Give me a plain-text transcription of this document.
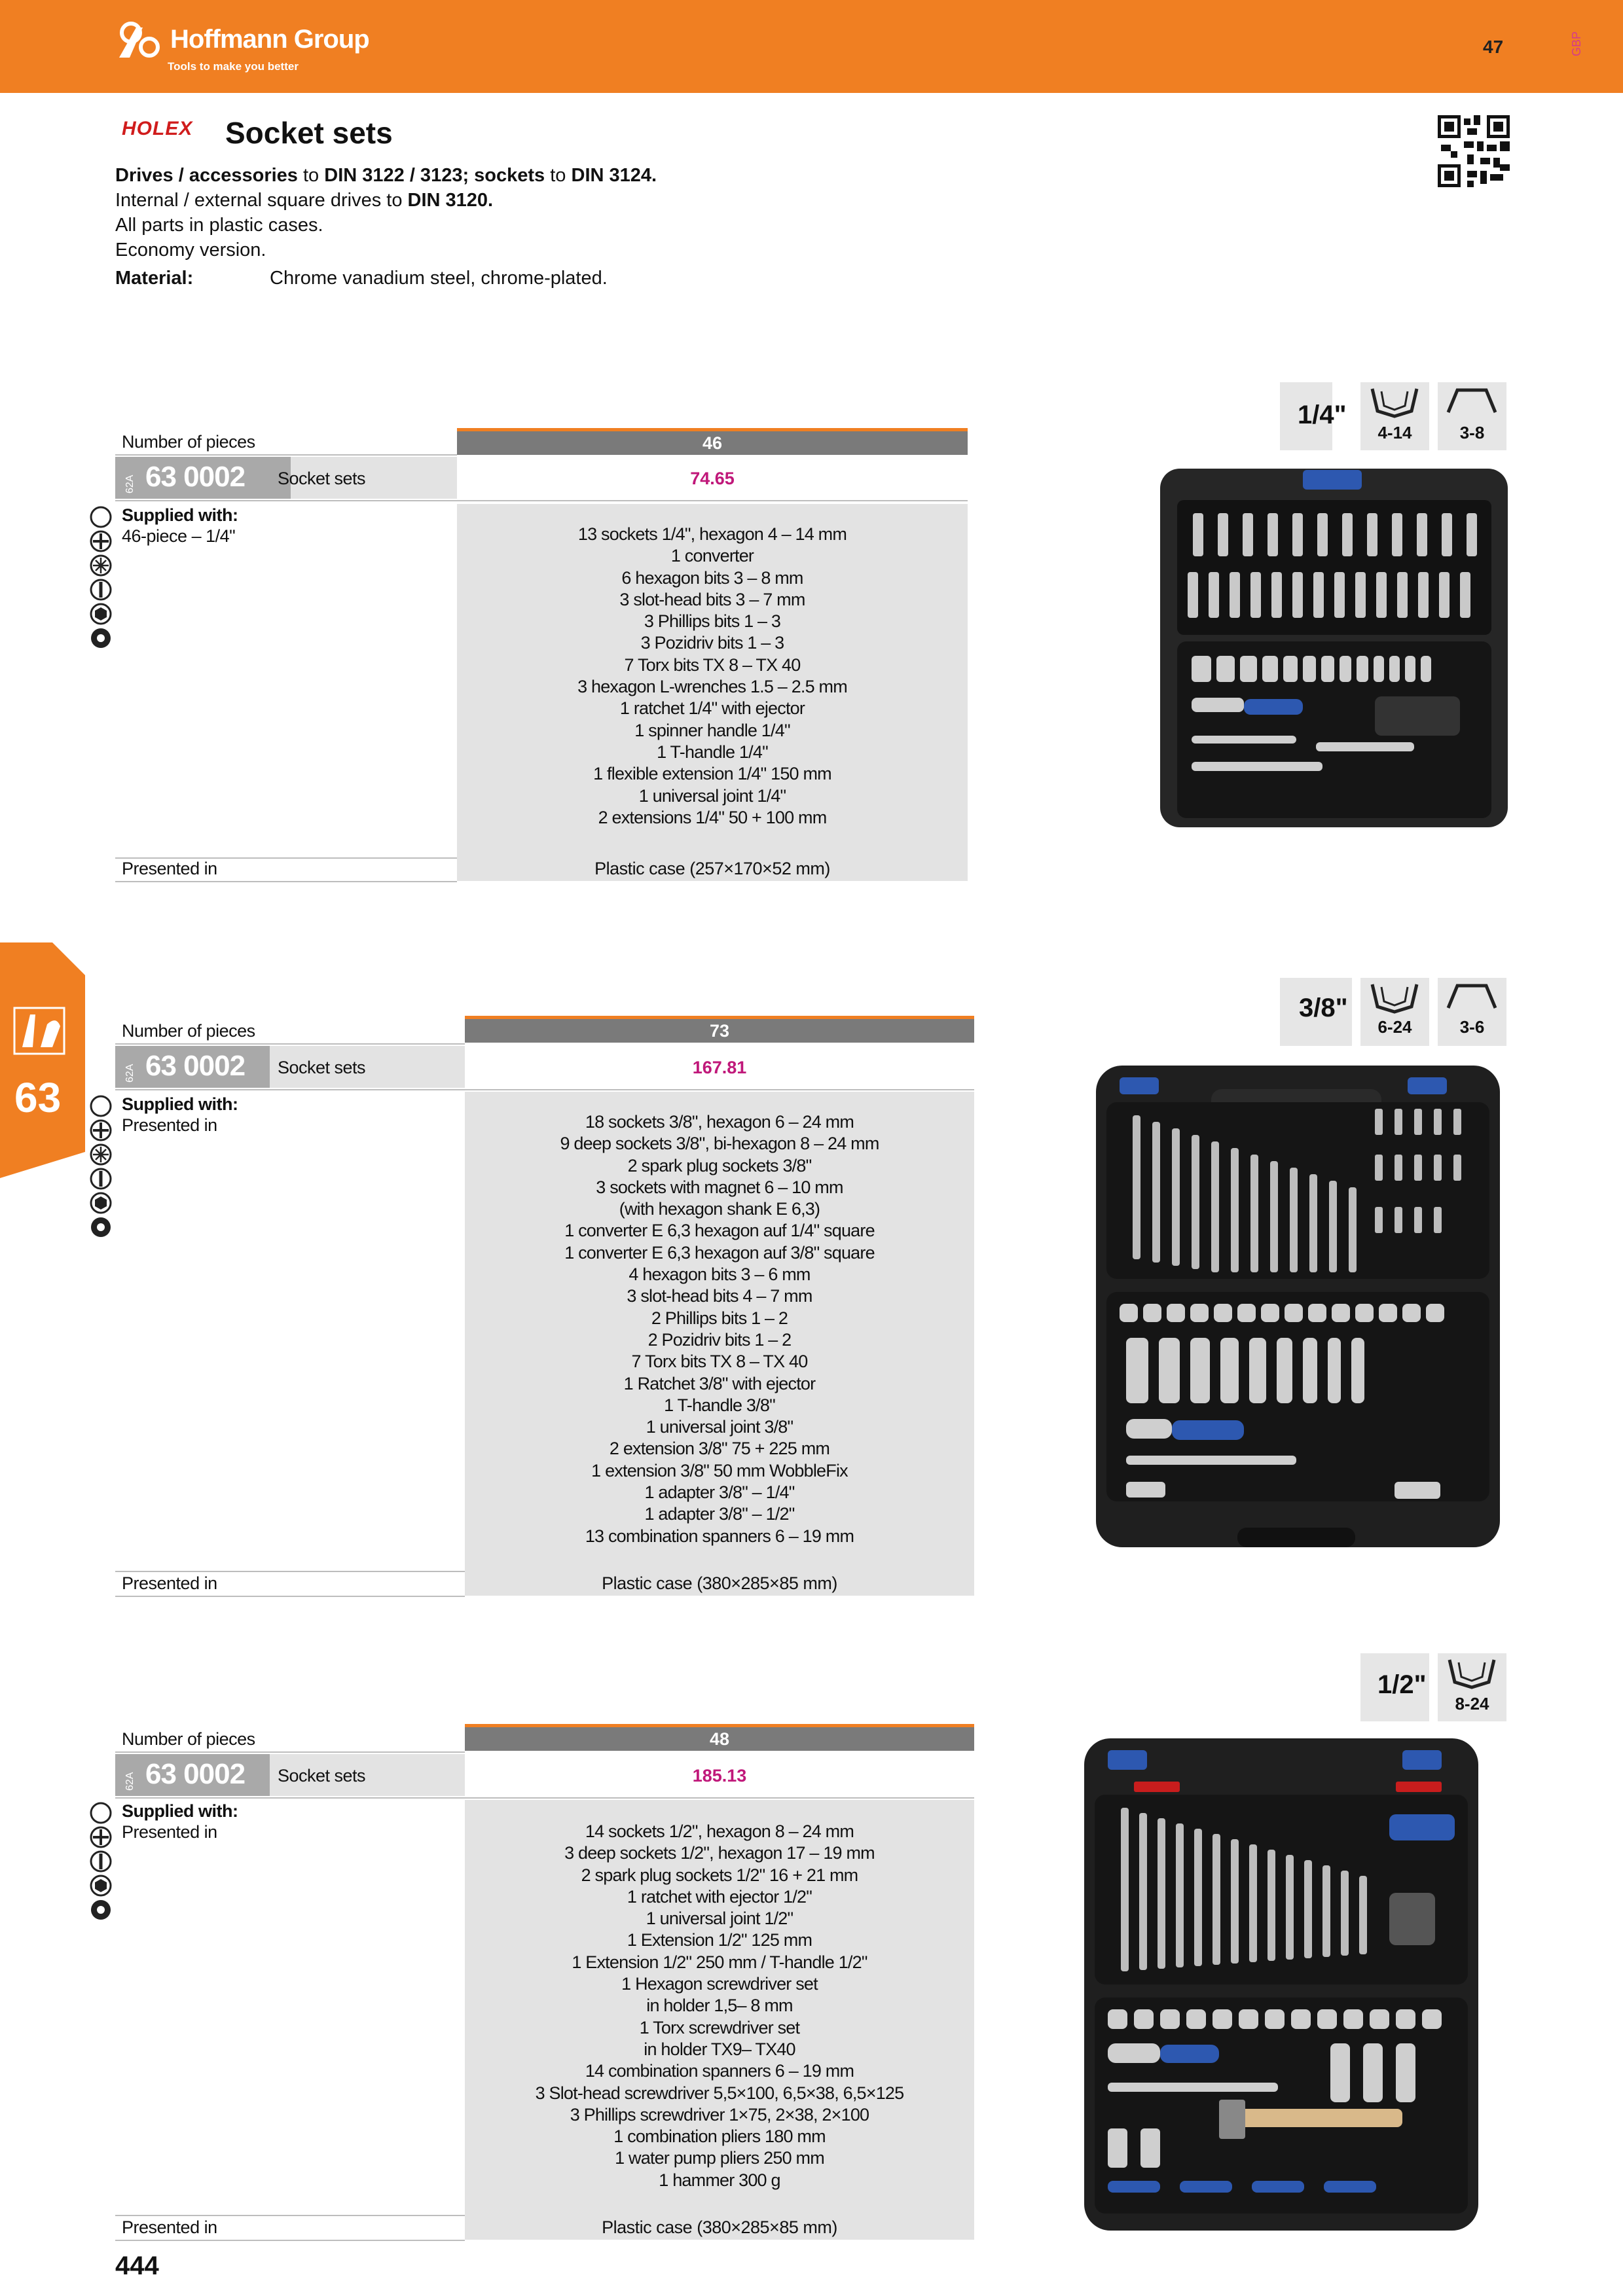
Hoffmann Group
Tools to make you better
47	GBP
HOLEX Socket sets
Drives / accessories to DIN 3122 / 3123; sockets to DIN 3124.
Internal / external square drives to DIN 3120.
All parts in plastic cases.
Economy version.
Material:	Chrome vanadium steel, chrome-plated.
63
Number of pieces	46
62A 63 0002 Socket sets	74.65
Supplied with:
46-piece – 1/4"	13 sockets 1/4", hexagon 4 – 14 mm
1 converter
6 hexagon bits 3 – 8 mm
3 slot-head bits 3 – 7 mm
3 Phillips bits 1 – 3
3 Pozidriv bits 1 – 3
7 Torx bits TX 8 – TX 40
3 hexagon L-wrenches 1.5 – 2.5 mm
1 ratchet 1/4" with ejector
1 spinner handle 1/4"
1 T-handle 1/4"
1 flexible extension 1/4" 150 mm
1 universal joint 1/4"
2 extensions 1/4" 50 + 100 mm
Presented in	Plastic case (257×170×52 mm)
1/4"
4-14	3-8
Number of pieces	73
62A 63 0002 Socket sets	167.81
Supplied with:
Presented in	18 sockets 3/8", hexagon 6 – 24 mm
9 deep sockets 3/8", bi-hexagon 8 – 24 mm
2 spark plug sockets 3/8"
3 sockets with magnet 6 – 10 mm
(with hexagon shank E 6,3)
1 converter E 6,3 hexagon auf 1/4" square
1 converter E 6,3 hexagon auf 3/8" square
4 hexagon bits 3 – 6 mm
3 slot-head bits 4 – 7 mm
2 Phillips bits 1 – 2
2 Pozidriv bits 1 – 2
7 Torx bits TX 8 – TX 40
1 Ratchet 3/8" with ejector
1 T-handle 3/8"
1 universal joint 3/8"
2 extension 3/8" 75 + 225 mm
1 extension 3/8" 50 mm WobbleFix
1 adapter 3/8" – 1/4"
1 adapter 3/8" – 1/2"
13 combination spanners 6 – 19 mm
Presented in	Plastic case (380×285×85 mm)
3/8"
6-24	3-6
Number of pieces	48
62A 63 0002 Socket sets	185.13
Supplied with:
Presented in	14 sockets 1/2", hexagon 8 – 24 mm
3 deep sockets 1/2", hexagon 17 – 19 mm
2 spark plug sockets 1/2" 16 + 21 mm
1 ratchet with ejector 1/2"
1 universal joint 1/2"
1 Extension 1/2" 125 mm
1 Extension 1/2" 250 mm / T-handle 1/2"
1 Hexagon screwdriver set
in holder 1,5– 8 mm
1 Torx screwdriver set
in holder TX9– TX40
14 combination spanners 6 – 19 mm
3 Slot-head screwdriver 5,5×100, 6,5×38, 6,5×125
3 Phillips screwdriver 1×75, 2×38, 2×100
1 combination pliers 180 mm
1 water pump pliers 250 mm
1 hammer 300 g
Presented in	Plastic case (380×285×85 mm)
1/2"
8-24
444
